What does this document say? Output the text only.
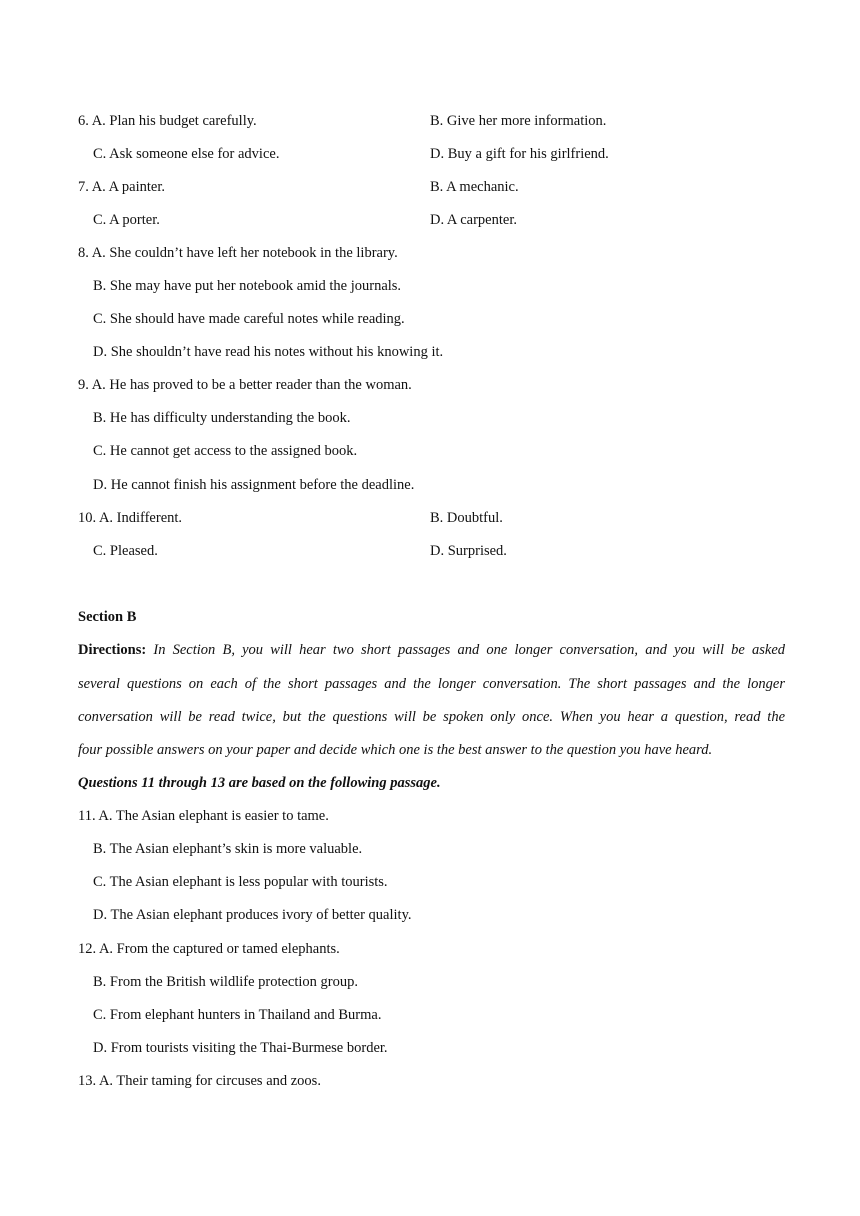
6. A. Plan his budget carefully.	B. Give her more information.
C. Ask someone else for advice.	D. Buy a gift for his girlfriend.
7. A. A painter.	B. A mechanic.
C. A porter.	D. A carpenter.
8. A. She couldn’t have left her notebook in the library.
B. She may have put her notebook amid the journals.
C. She should have made careful notes while reading.
D. She shouldn’t have read his notes without his knowing it.
9. A. He has proved to be a better reader than the woman.
B. He has difficulty understanding the book.
C. He cannot get access to the assigned book.
D. He cannot finish his assignment before the deadline.
10. A. Indifferent.	B. Doubtful.
C. Pleased.	D. Surprised.
Section B
Directions: In Section B, you will hear two short passages and one longer conversation, and you will be asked
several questions on each of the short passages and the longer conversation. The short passages and the longer
conversation will be read twice, but the questions will be spoken only once. When you hear a question, read the
four possible answers on your paper and decide which one is the best answer to the question you have heard.
Questions 11 through 13 are based on the following passage.
11. A. The Asian elephant is easier to tame.
B. The Asian elephant’s skin is more valuable.
C. The Asian elephant is less popular with tourists.
D. The Asian elephant produces ivory of better quality.
12. A. From the captured or tamed elephants.
B. From the British wildlife protection group.
C. From elephant hunters in Thailand and Burma.
D. From tourists visiting the Thai-Burmese border.
13. A. Their taming for circuses and zoos.
